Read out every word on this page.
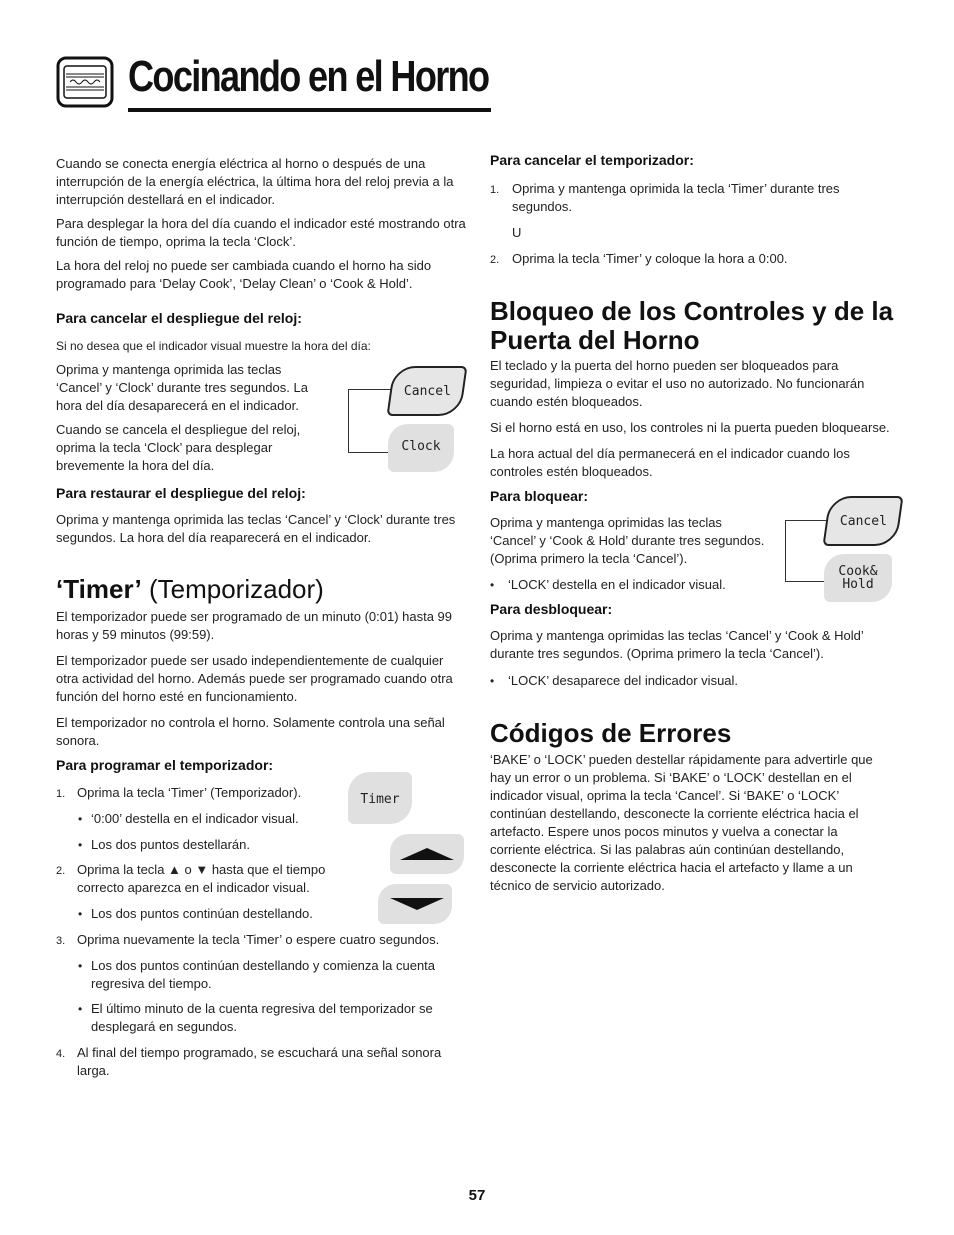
Cocinando en el Horno

Cuando se conecta energía eléctrica al horno o después de una interrupción de la energía eléctrica, la última hora del reloj previa a la interrupción destellará en el indicador.

Para desplegar la hora del día cuando el indicador esté mostrando otra función de tiempo, oprima la tecla ‘Clock’.

La hora del reloj no puede ser cambiada cuando el horno ha sido programado para ‘Delay Cook’, ‘Delay Clean’ o ‘Cook & Hold’.

Para cancelar el despliegue del reloj:
Si no desea que el indicador visual muestre la hora del día:

Oprima y mantenga oprimida las teclas ‘Cancel’ y ‘Clock’ durante tres segundos. La hora del día desaparecerá en el indicador.

Cuando se cancela el despliegue del reloj, oprima la tecla ‘Clock’ para desplegar brevemente la hora del día.

Cancel
Clock
Para restaurar el despliegue del reloj:
Oprima y mantenga oprimida las teclas ‘Cancel’ y ‘Clock’ durante tres segundos. La hora del día reaparecerá en el indicador.
‘Timer’ (Temporizador)

El temporizador puede ser programado de un minuto (0:01) hasta 99 horas y 59 minutos (99:59).

El temporizador puede ser usado independientemente de cualquier otra actividad del horno. Además puede ser programado cuando otra función del horno esté en funcionamiento.

El temporizador no controla el horno. Solamente controla una señal sonora.

Para programar el temporizador:
Timer
1. Oprima la tecla ‘Timer’ (Temporizador).
• ‘0:00’ destella en el indicador visual.
• Los dos puntos destellarán.
2. Oprima la tecla ▲ o ▼ hasta que el tiempo correcto aparezca en el indicador visual.
• Los dos puntos continúan destellando.
3. Oprima nuevamente la tecla ‘Timer’ o espere cuatro segundos.
• Los dos puntos continúan destellando y comienza la cuenta regresiva del tiempo.
• El último minuto de la cuenta regresiva del temporizador se desplegará en segundos.
4. Al final del tiempo programado, se escuchará una señal sonora larga.
Para cancelar el temporizador:
1. Oprima y mantenga oprimida la tecla ‘Timer’ durante tres segundos.
U
2. Oprima la tecla ‘Timer’ y coloque la hora a 0:00.
Bloqueo de los Controles y de la Puerta del Horno

El teclado y la puerta del horno pueden ser bloqueados para seguridad, limpieza o evitar el uso no autorizado. No funcionarán cuando estén bloqueados.

Si el horno está en uso, los controles ni la puerta pueden bloquearse.

La hora actual del día permanecerá en el indicador cuando los controles estén bloqueados.

Para bloquear:
Oprima y mantenga oprimidas las teclas ‘Cancel’ y ‘Cook & Hold’ durante tres segundos. (Oprima primero la tecla ‘Cancel’).
• ‘LOCK’ destella en el indicador visual.
Cancel
Cook&
Hold
Para desbloquear:
Oprima y mantenga oprimidas las teclas ‘Cancel’ y ‘Cook & Hold’ durante tres segundos. (Oprima primero la tecla ‘Cancel’).
• ‘LOCK’ desaparece del indicador visual.
Códigos de Errores
‘BAKE’ o ‘LOCK’ pueden destellar rápidamente para advertirle que hay un error o un problema. Si ‘BAKE’ o ‘LOCK’ destellan en el indicador visual, oprima la tecla ‘Cancel’. Si ‘BAKE’ o ‘LOCK’ continúan destellando, desconecte la corriente eléctrica hacia el artefacto. Espere unos pocos minutos y vuelva a conectar la corriente eléctrica. Si las palabras aún continúan destellando, desconecte la corriente eléctrica hacia el artefacto y llame a un técnico de servicio autorizado.
57
